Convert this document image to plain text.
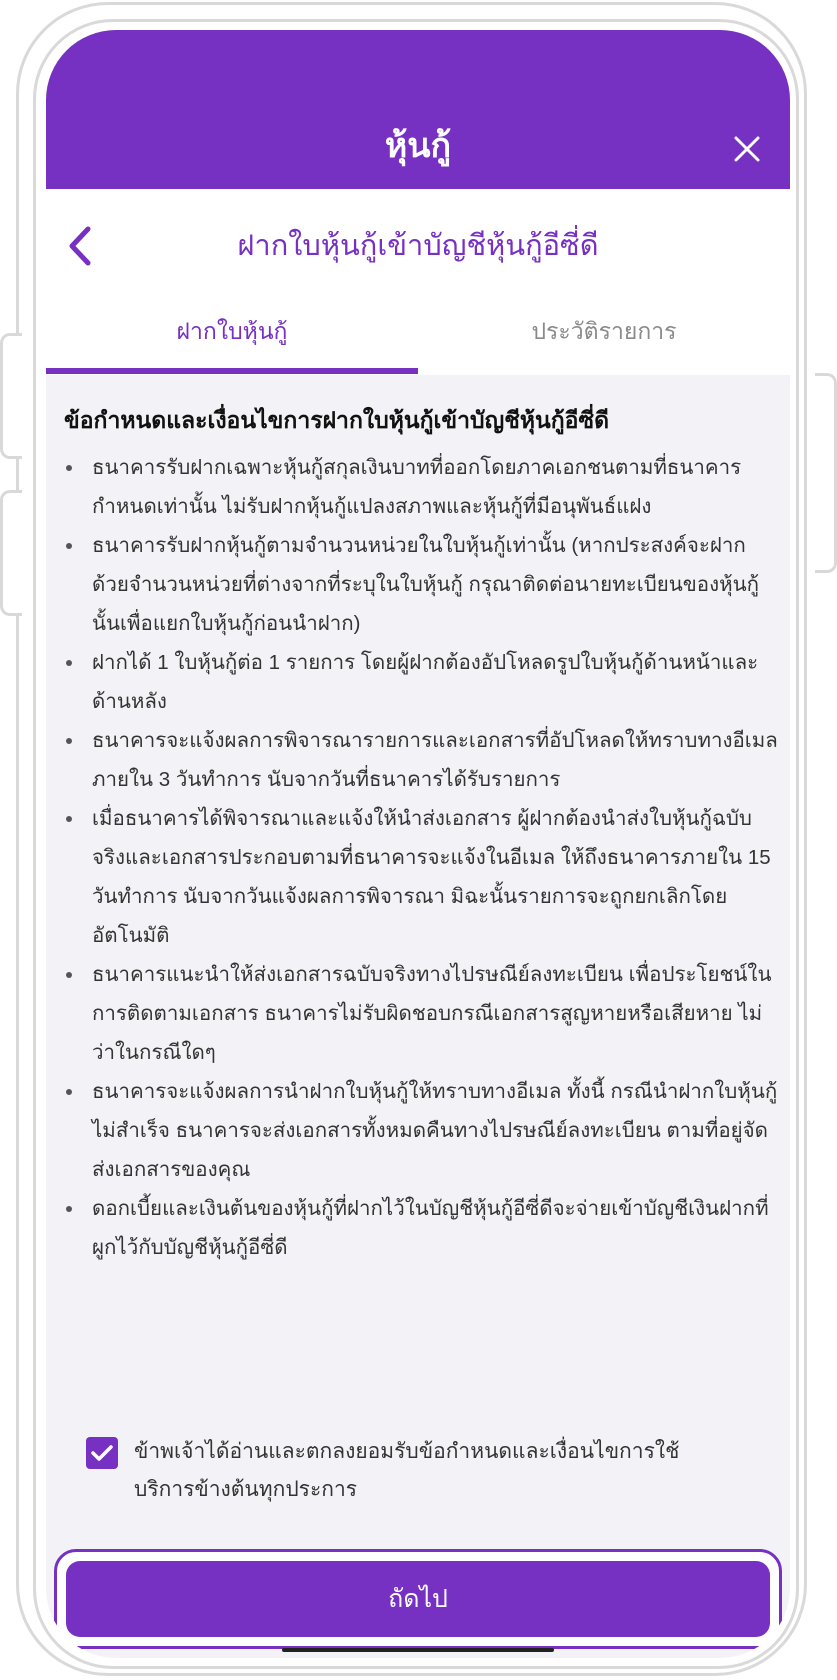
หุ้นกู้
ฝากใบหุ้นกู้เข้าบัญชีหุ้นกู้อีซี่ดี
ฝากใบหุ้นกู้	ประวัติรายการ
ข้อกำหนดและเงื่อนไขการฝากใบหุ้นกู้เข้าบัญชีหุ้นกู้อีซี่ดี
ธนาคารรับฝากเฉพาะหุ้นกู้สกุลเงินบาทที่ออกโดยภาคเอกชนตามที่ธนาคารกำหนดเท่านั้น ไม่รับฝากหุ้นกู้แปลงสภาพและหุ้นกู้ที่มีอนุพันธ์แฝง
ธนาคารรับฝากหุ้นกู้ตามจำนวนหน่วยในใบหุ้นกู้เท่านั้น (หากประสงค์จะฝากด้วยจำนวนหน่วยที่ต่างจากที่ระบุในใบหุ้นกู้ กรุณาติดต่อนายทะเบียนของหุ้นกู้นั้นเพื่อแยกใบหุ้นกู้ก่อนนำฝาก)
ฝากได้ 1 ใบหุ้นกู้ต่อ 1 รายการ โดยผู้ฝากต้องอัปโหลดรูปใบหุ้นกู้ด้านหน้าและด้านหลัง
ธนาคารจะแจ้งผลการพิจารณารายการและเอกสารที่อัปโหลดให้ทราบทางอีเมลภายใน 3 วันทำการ นับจากวันที่ธนาคารได้รับรายการ
เมื่อธนาคารได้พิจารณาและแจ้งให้นำส่งเอกสาร ผู้ฝากต้องนำส่งใบหุ้นกู้ฉบับจริงและเอกสารประกอบตามที่ธนาคารจะแจ้งในอีเมล ให้ถึงธนาคารภายใน 15 วันทำการ นับจากวันแจ้งผลการพิจารณา มิฉะนั้นรายการจะถูกยกเลิกโดยอัตโนมัติ
ธนาคารแนะนำให้ส่งเอกสารฉบับจริงทางไปรษณีย์ลงทะเบียน เพื่อประโยชน์ในการติดตามเอกสาร ธนาคารไม่รับผิดชอบกรณีเอกสารสูญหายหรือเสียหาย ไม่ว่าในกรณีใดๆ
ธนาคารจะแจ้งผลการนำฝากใบหุ้นกู้ให้ทราบทางอีเมล ทั้งนี้ กรณีนำฝากใบหุ้นกู้ไม่สำเร็จ ธนาคารจะส่งเอกสารทั้งหมดคืนทางไปรษณีย์ลงทะเบียน ตามที่อยู่จัดส่งเอกสารของคุณ
ดอกเบี้ยและเงินต้นของหุ้นกู้ที่ฝากไว้ในบัญชีหุ้นกู้อีซี่ดีจะจ่ายเข้าบัญชีเงินฝากที่ผูกไว้กับบัญชีหุ้นกู้อีซี่ดี
ข้าพเจ้าได้อ่านและตกลงยอมรับข้อกำหนดและเงื่อนไขการใช้บริการข้างต้นทุกประการ
ถัดไป
